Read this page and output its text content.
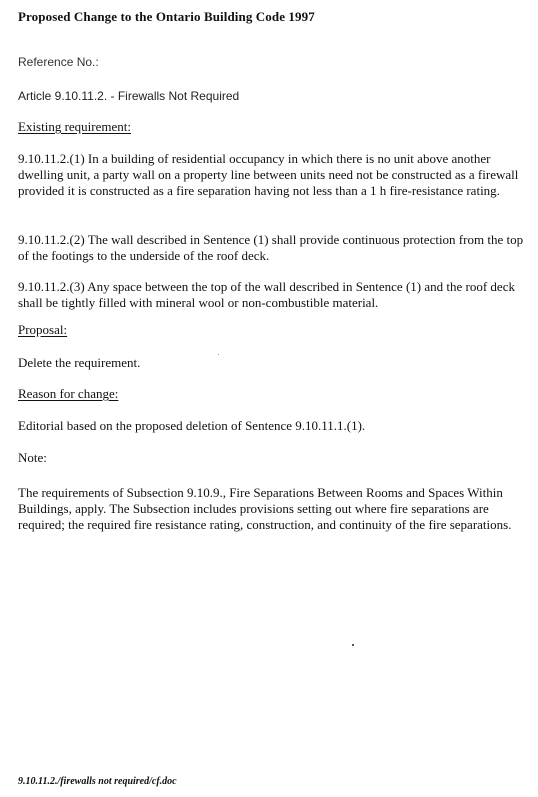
Proposed Change to the Ontario Building Code 1997
Reference No.:
Article 9.10.11.2. - Firewalls Not Required
Existing requirement:
9.10.11.2.(1) In a building of residential occupancy in which there is no unit above another dwelling unit, a party wall on a property line between units need not be constructed as a firewall provided it is constructed as a fire separation having not less than a 1 h fire-resistance rating.
9.10.11.2.(2) The wall described in Sentence (1) shall provide continuous protection from the top of the footings to the underside of the roof deck.
9.10.11.2.(3) Any space between the top of the wall described in Sentence (1) and the roof deck shall be tightly filled with mineral wool or non-combustible material.
Proposal:
Delete the requirement.
Reason for change:
Editorial based on the proposed deletion of Sentence 9.10.11.1.(1).
Note:
The requirements of Subsection 9.10.9., Fire Separations Between Rooms and Spaces Within Buildings, apply. The Subsection includes provisions setting out where fire separations are required; the required fire resistance rating, construction, and continuity of the fire separations.
9.10.11.2./firewalls not required/cf.doc
